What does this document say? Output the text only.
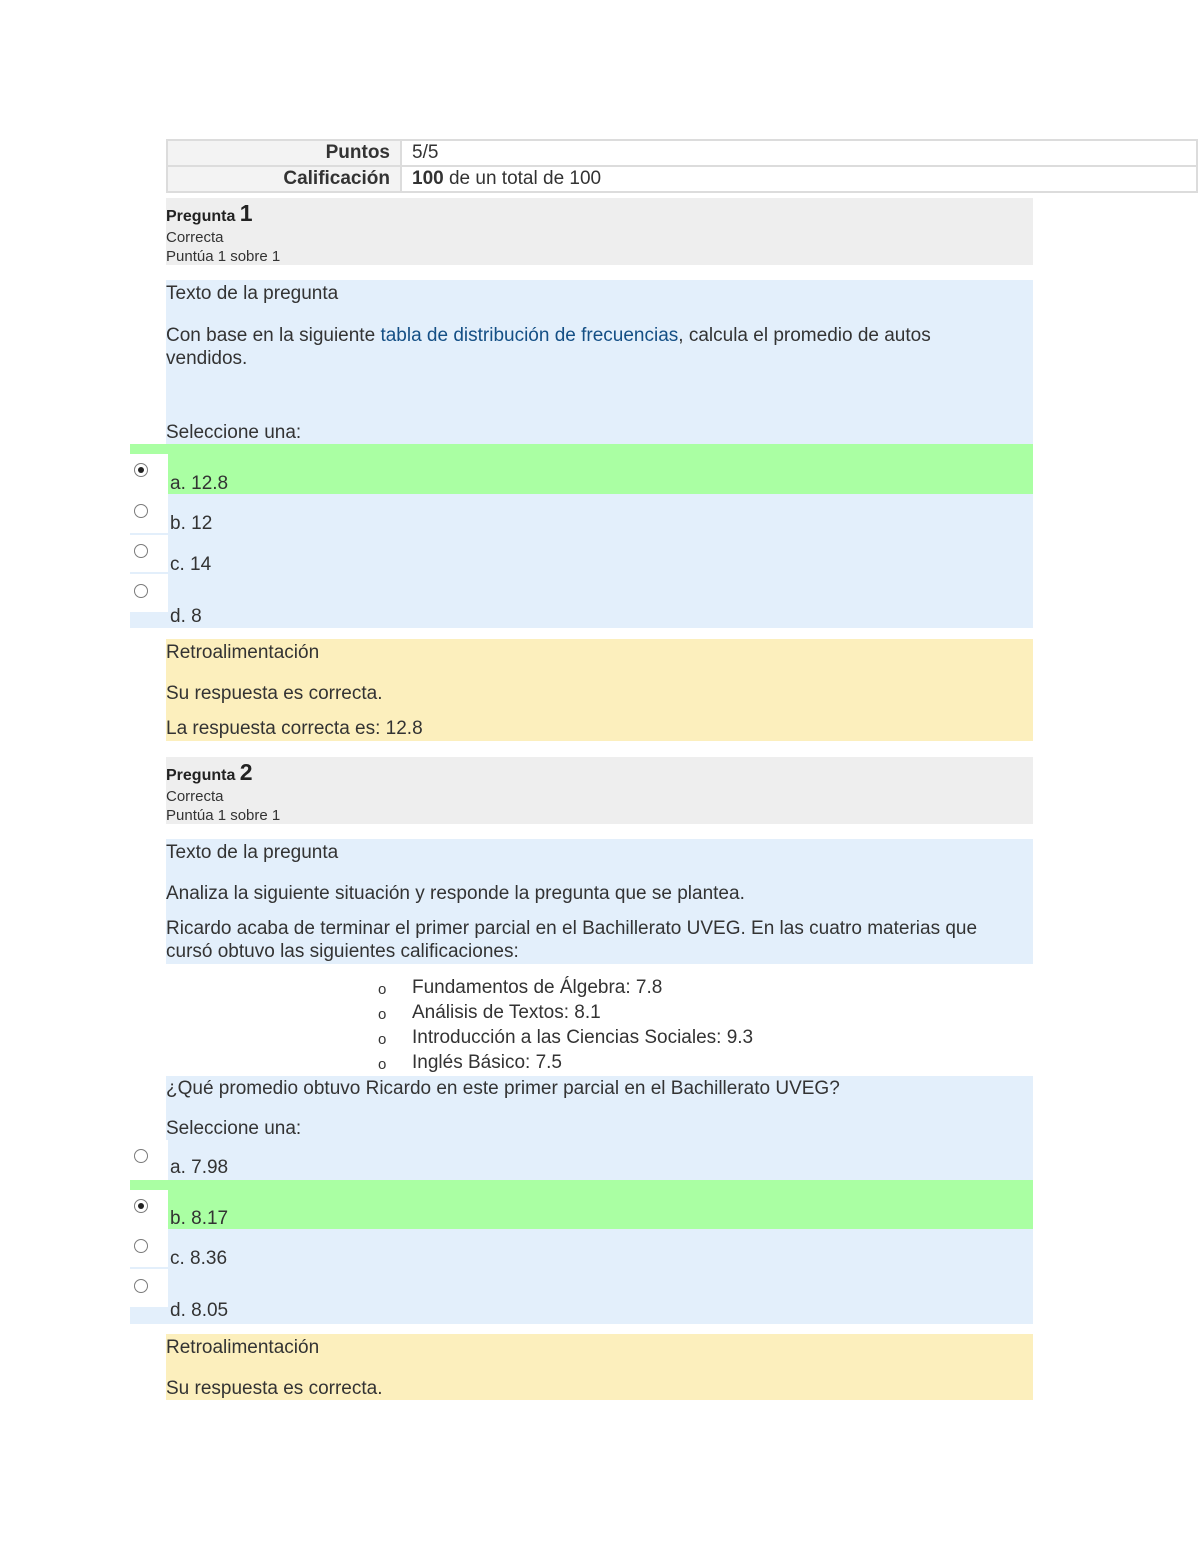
Puntos	5/5
Calificación	100 de un total de 100
Pregunta 1
Correcta
Puntúa 1 sobre 1
Texto de la pregunta
Con base en la siguiente tabla de distribución de frecuencias, calcula el promedio de autos vendidos.
Seleccione una:
a. 12.8
b. 12
c. 14
d. 8
Retroalimentación
Su respuesta es correcta.
La respuesta correcta es: 12.8
Pregunta 2
Correcta
Puntúa 1 sobre 1
Texto de la pregunta
Analiza la siguiente situación y responde la pregunta que se plantea.
Ricardo acaba de terminar el primer parcial en el Bachillerato UVEG. En las cuatro materias que cursó obtuvo las siguientes calificaciones:
o Fundamentos de Álgebra: 7.8
o Análisis de Textos: 8.1
o Introducción a las Ciencias Sociales: 9.3
o Inglés Básico: 7.5
¿Qué promedio obtuvo Ricardo en este primer parcial en el Bachillerato UVEG?
Seleccione una:
a. 7.98
b. 8.17
c. 8.36
d. 8.05
Retroalimentación
Su respuesta es correcta.
